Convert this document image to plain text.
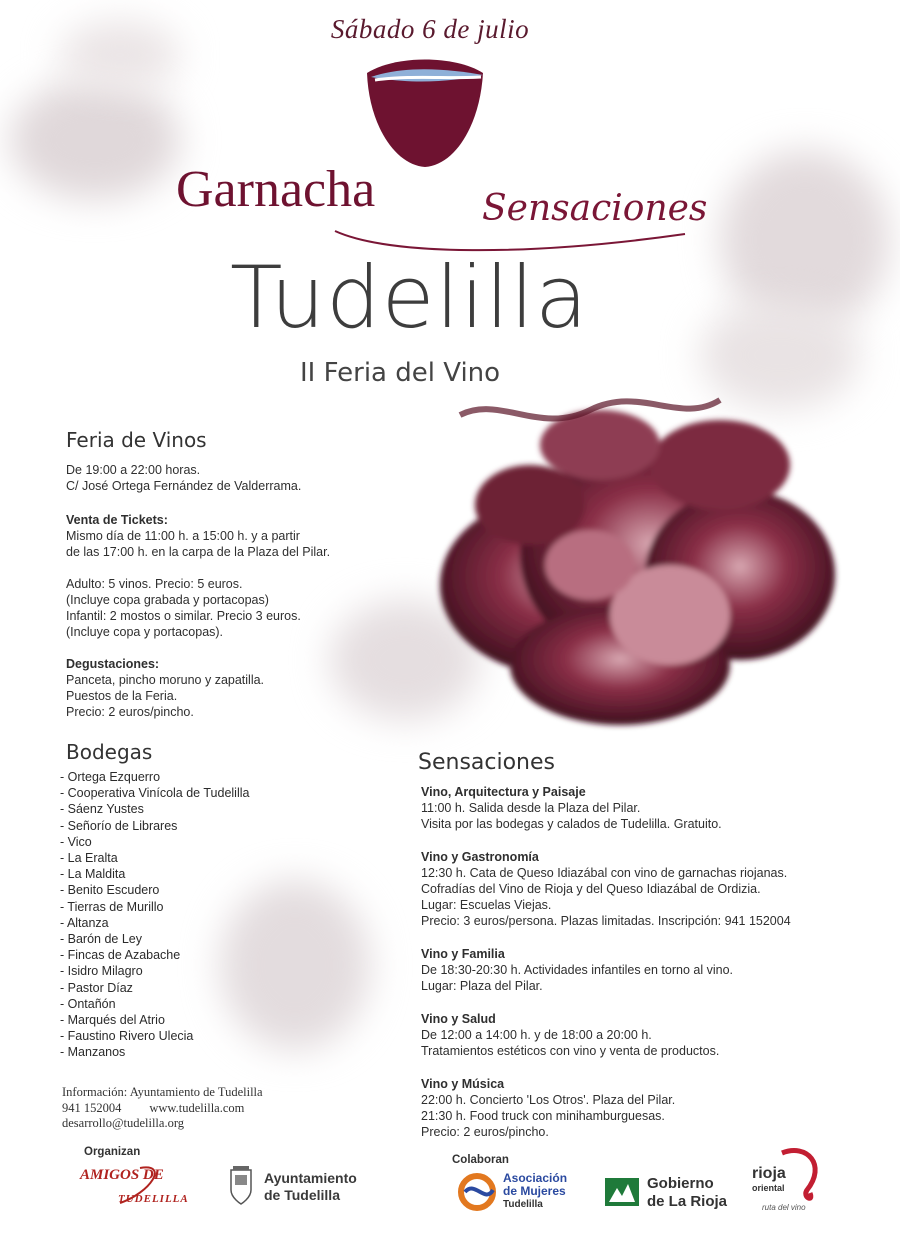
Sábado 6 de julio
Garnacha	Sensaciones
Tudelilla
II Feria del Vino
Feria de Vinos
De 19:00 a 22:00 horas.
C/ José Ortega Fernández de Valderrama.
Venta de Tickets:
Mismo día de 11:00 h. a 15:00 h. y a partir
de las 17:00 h. en la carpa de la Plaza del Pilar.
Adulto: 5 vinos. Precio: 5 euros.
(Incluye copa grabada y portacopas)
Infantil: 2 mostos o similar. Precio 3 euros.
(Incluye copa y portacopas).
Degustaciones:
Panceta, pincho moruno y zapatilla.
Puestos de la Feria.
Precio: 2 euros/pincho.
Bodegas
- Ortega Ezquerro
- Cooperativa Vinícola de Tudelilla
- Sáenz Yustes
- Señorío de Librares
- Vico
- La Eralta
- La Maldita
- Benito Escudero
- Tierras de Murillo
- Altanza
- Barón de Ley
- Fincas de Azabache
- Isidro Milagro
- Pastor Díaz
- Ontañón
- Marqués del Atrio
- Faustino Rivero Ulecia
- Manzanos
Sensaciones
Vino, Arquitectura y Paisaje
11:00 h. Salida desde la Plaza del Pilar.
Visita por las bodegas y calados de Tudelilla. Gratuito.
Vino y Gastronomía
12:30 h. Cata de Queso Idiazábal con vino de garnachas riojanas.
Cofradías del Vino de Rioja y del Queso Idiazábal de Ordizia.
Lugar: Escuelas Viejas.
Precio: 3 euros/persona. Plazas limitadas. Inscripción: 941 152004
Vino y Familia
De 18:30-20:30 h. Actividades infantiles en torno al vino.
Lugar: Plaza del Pilar.
Vino y Salud
De 12:00 a 14:00 h. y de 18:00 a 20:00 h.
Tratamientos estéticos con vino y venta de productos.
Vino y Música
22:00 h. Concierto 'Los Otros'. Plaza del Pilar.
21:30 h. Food truck con minihamburguesas.
Precio: 2 euros/pincho.
Información: Ayuntamiento de Tudelilla
941 152004 www.tudelilla.com
desarrollo@tudelilla.org
Organizan
Colaboran
AMIGOS DE
TUDELILLA
Ayuntamiento
de Tudelilla
Asociación
de Mujeres
Tudelilla
Gobierno
de La Rioja
rioja
oriental
ruta del vino
